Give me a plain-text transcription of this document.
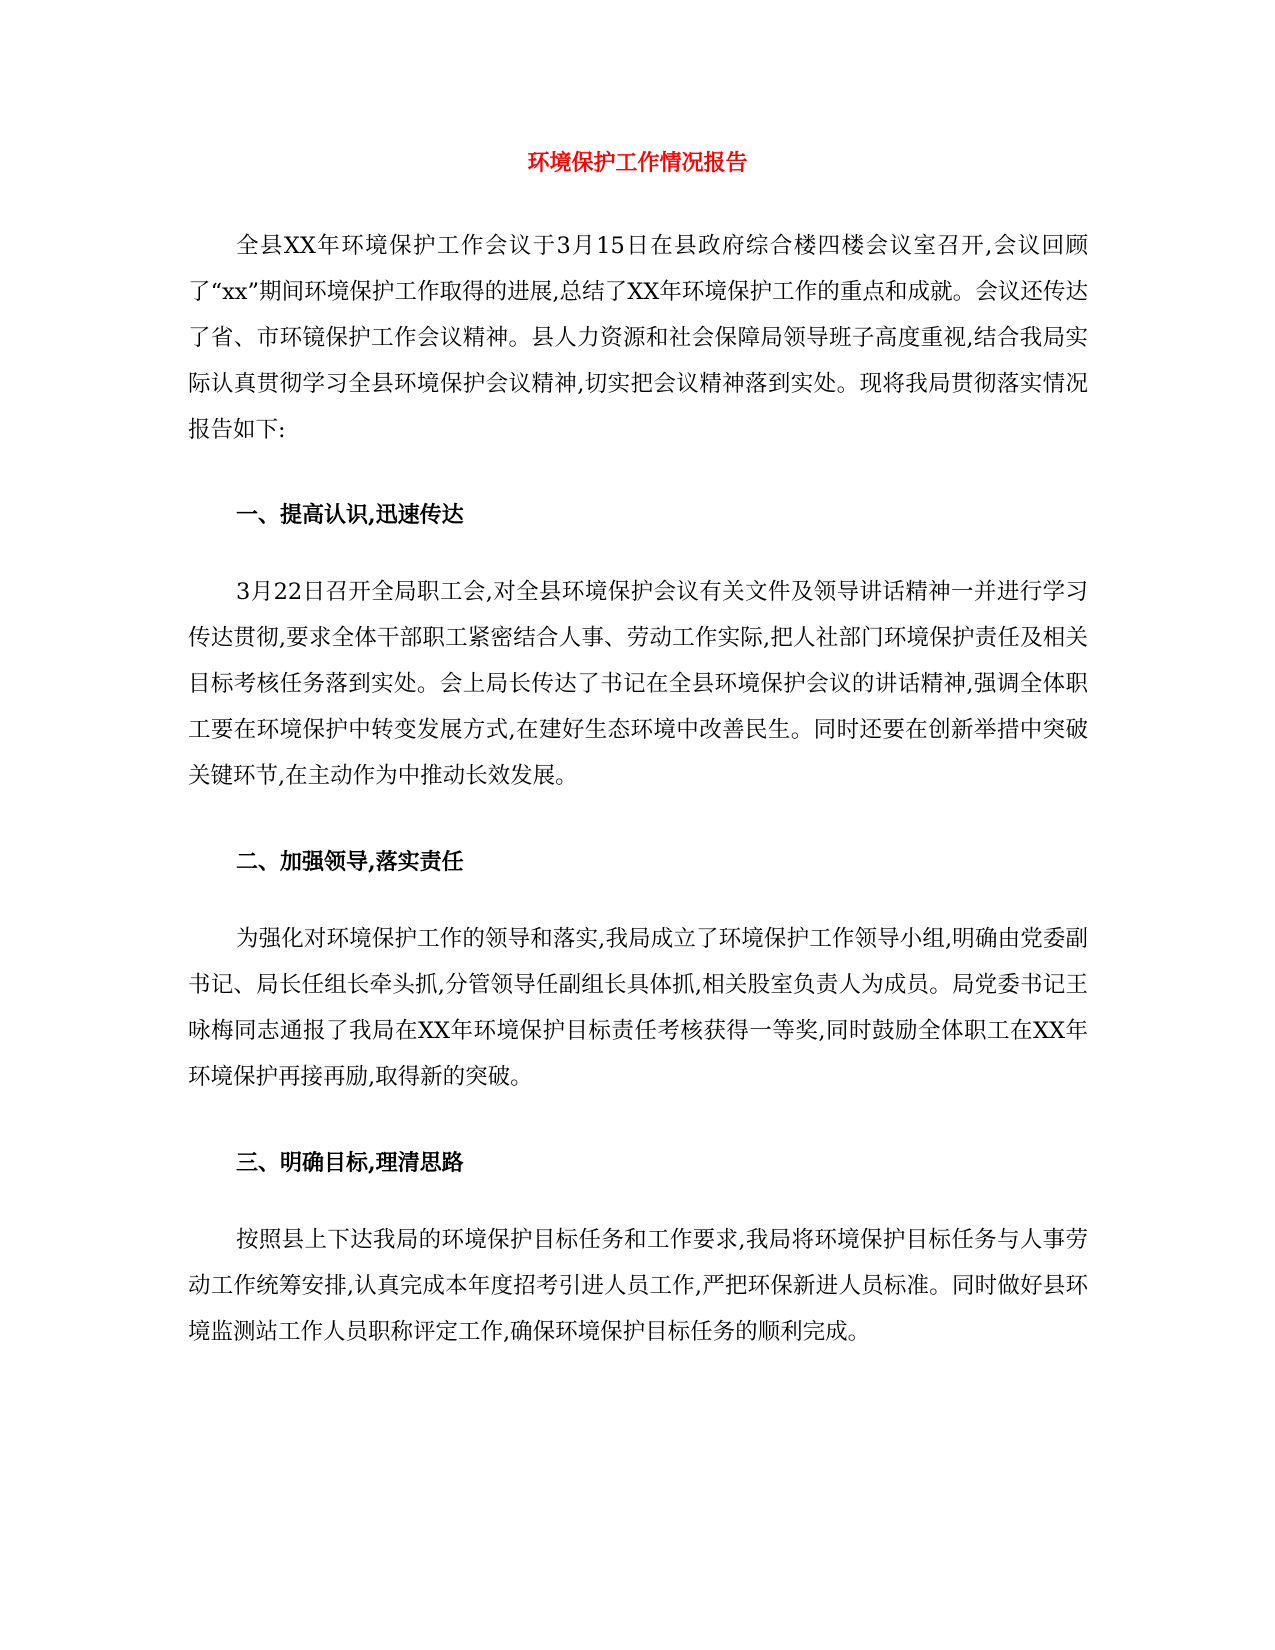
环境保护工作情况报告

全县XX年环境保护工作会议于3月15日在县政府综合楼四楼会议室召开,会议回顾了“xx”期间环境保护工作取得的进展,总结了XX年环境保护工作的重点和成就。会议还传达了省、市环镜保护工作会议精神。县人力资源和社会保障局领导班子高度重视,结合我局实际认真贯彻学习全县环境保护会议精神,切实把会议精神落到实处。现将我局贯彻落实情况报告如下:

一、提高认识,迅速传达

3月22日召开全局职工会,对全县环境保护会议有关文件及领导讲话精神一并进行学习传达贯彻,要求全体干部职工紧密结合人事、劳动工作实际,把人社部门环境保护责任及相关目标考核任务落到实处。会上局长传达了书记在全县环境保护会议的讲话精神,强调全体职工要在环境保护中转变发展方式,在建好生态环境中改善民生。同时还要在创新举措中突破关键环节,在主动作为中推动长效发展。

二、加强领导,落实责任

为强化对环境保护工作的领导和落实,我局成立了环境保护工作领导小组,明确由党委副书记、局长任组长牵头抓,分管领导任副组长具体抓,相关股室负责人为成员。局党委书记王咏梅同志通报了我局在XX年环境保护目标责任考核获得一等奖,同时鼓励全体职工在XX年环境保护再接再励,取得新的突破。

三、明确目标,理清思路

按照县上下达我局的环境保护目标任务和工作要求,我局将环境保护目标任务与人事劳动工作统筹安排,认真完成本年度招考引进人员工作,严把环保新进人员标准。同时做好县环境监测站工作人员职称评定工作,确保环境保护目标任务的顺利完成。
